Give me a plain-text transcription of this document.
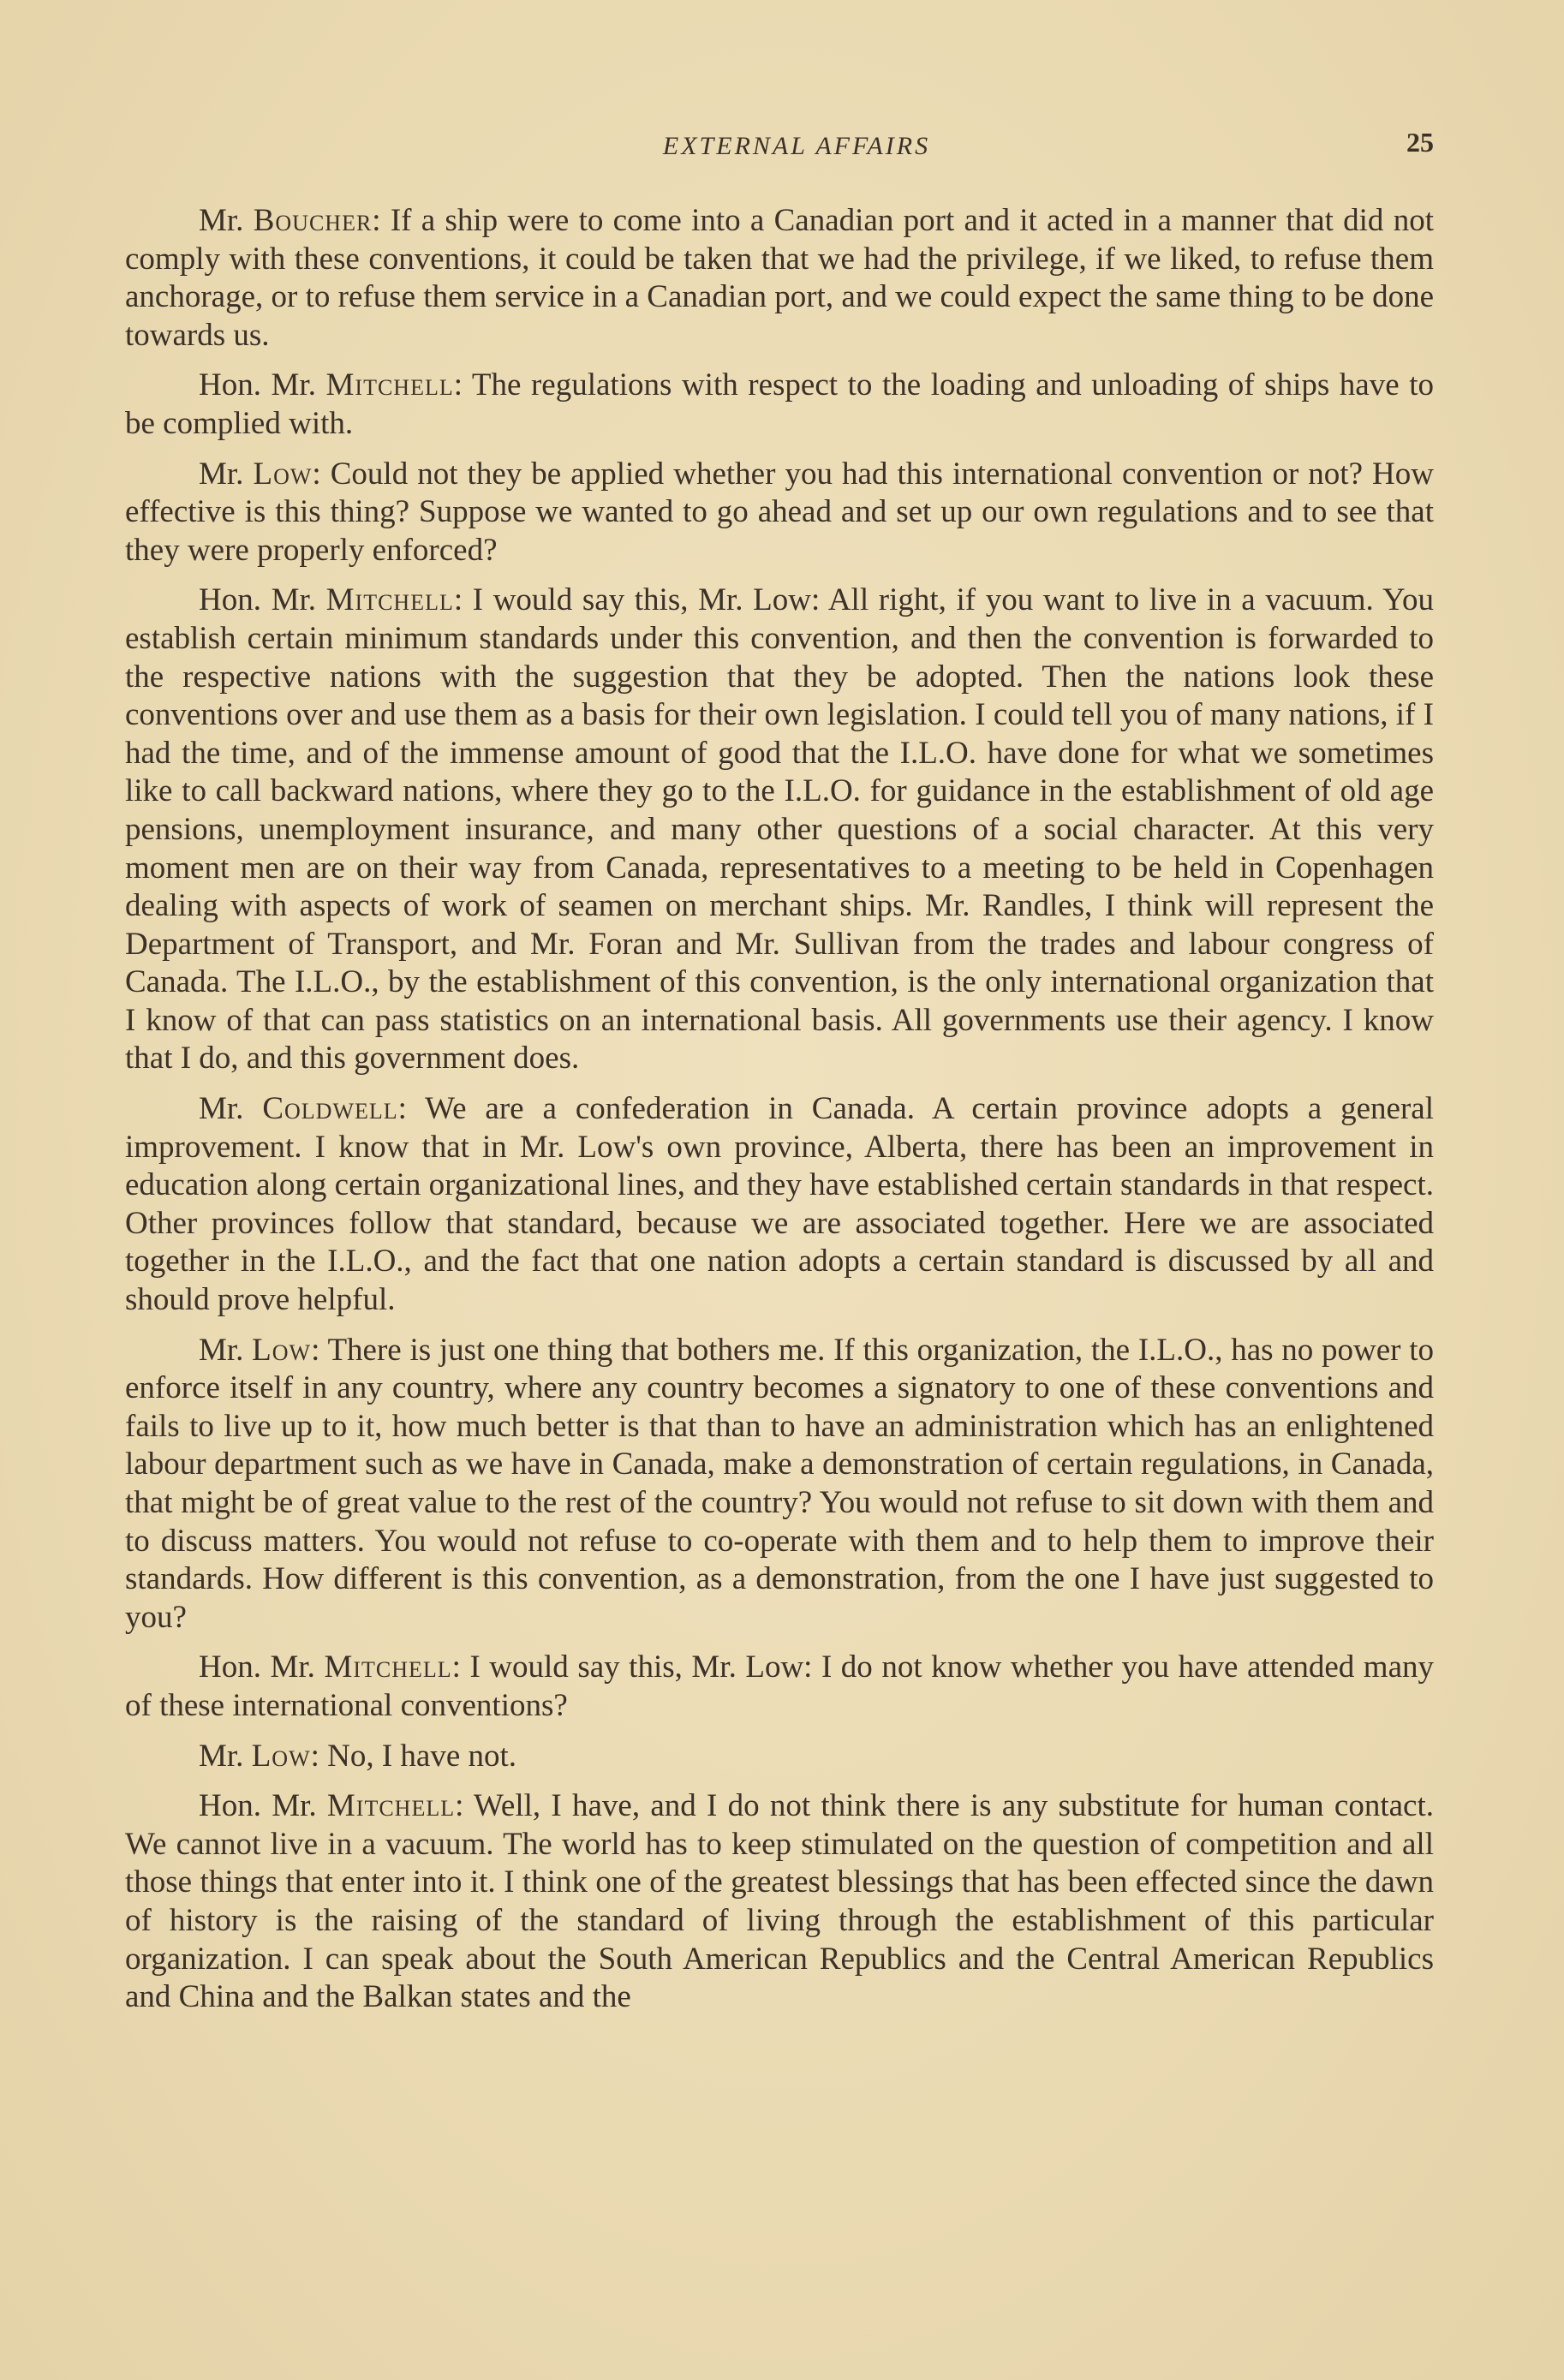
EXTERNAL AFFAIRS	25

Mr. Boucher: If a ship were to come into a Canadian port and it acted in a manner that did not comply with these conventions, it could be taken that we had the privilege, if we liked, to refuse them anchorage, or to refuse them service in a Canadian port, and we could expect the same thing to be done towards us.

Hon. Mr. Mitchell: The regulations with respect to the loading and unloading of ships have to be complied with.

Mr. Low: Could not they be applied whether you had this international convention or not? How effective is this thing? Suppose we wanted to go ahead and set up our own regulations and to see that they were properly enforced?

Hon. Mr. Mitchell: I would say this, Mr. Low: All right, if you want to live in a vacuum. You establish certain minimum standards under this convention, and then the convention is forwarded to the respective nations with the suggestion that they be adopted. Then the nations look these conventions over and use them as a basis for their own legislation. I could tell you of many nations, if I had the time, and of the immense amount of good that the I.L.O. have done for what we sometimes like to call backward nations, where they go to the I.L.O. for guidance in the establishment of old age pensions, unemployment insurance, and many other questions of a social character. At this very moment men are on their way from Canada, representatives to a meeting to be held in Copenhagen dealing with aspects of work of seamen on merchant ships. Mr. Randles, I think will represent the Department of Transport, and Mr. Foran and Mr. Sullivan from the trades and labour congress of Canada. The I.L.O., by the establishment of this convention, is the only international organization that I know of that can pass statistics on an international basis. All governments use their agency. I know that I do, and this government does.

Mr. Coldwell: We are a confederation in Canada. A certain province adopts a general improvement. I know that in Mr. Low's own province, Alberta, there has been an improvement in education along certain organizational lines, and they have established certain standards in that respect. Other provinces follow that standard, because we are associated together. Here we are associated together in the I.L.O., and the fact that one nation adopts a certain standard is discussed by all and should prove helpful.

Mr. Low: There is just one thing that bothers me. If this organization, the I.L.O., has no power to enforce itself in any country, where any country becomes a signatory to one of these conventions and fails to live up to it, how much better is that than to have an administration which has an enlightened labour department such as we have in Canada, make a demonstration of certain regulations, in Canada, that might be of great value to the rest of the country? You would not refuse to sit down with them and to discuss matters. You would not refuse to co-operate with them and to help them to improve their standards. How different is this convention, as a demonstration, from the one I have just suggested to you?

Hon. Mr. Mitchell: I would say this, Mr. Low: I do not know whether you have attended many of these international conventions?

Mr. Low: No, I have not.

Hon. Mr. Mitchell: Well, I have, and I do not think there is any substitute for human contact. We cannot live in a vacuum. The world has to keep stimulated on the question of competition and all those things that enter into it. I think one of the greatest blessings that has been effected since the dawn of history is the raising of the standard of living through the establishment of this particular organization. I can speak about the South American Republics and the Central American Republics and China and the Balkan states and the
